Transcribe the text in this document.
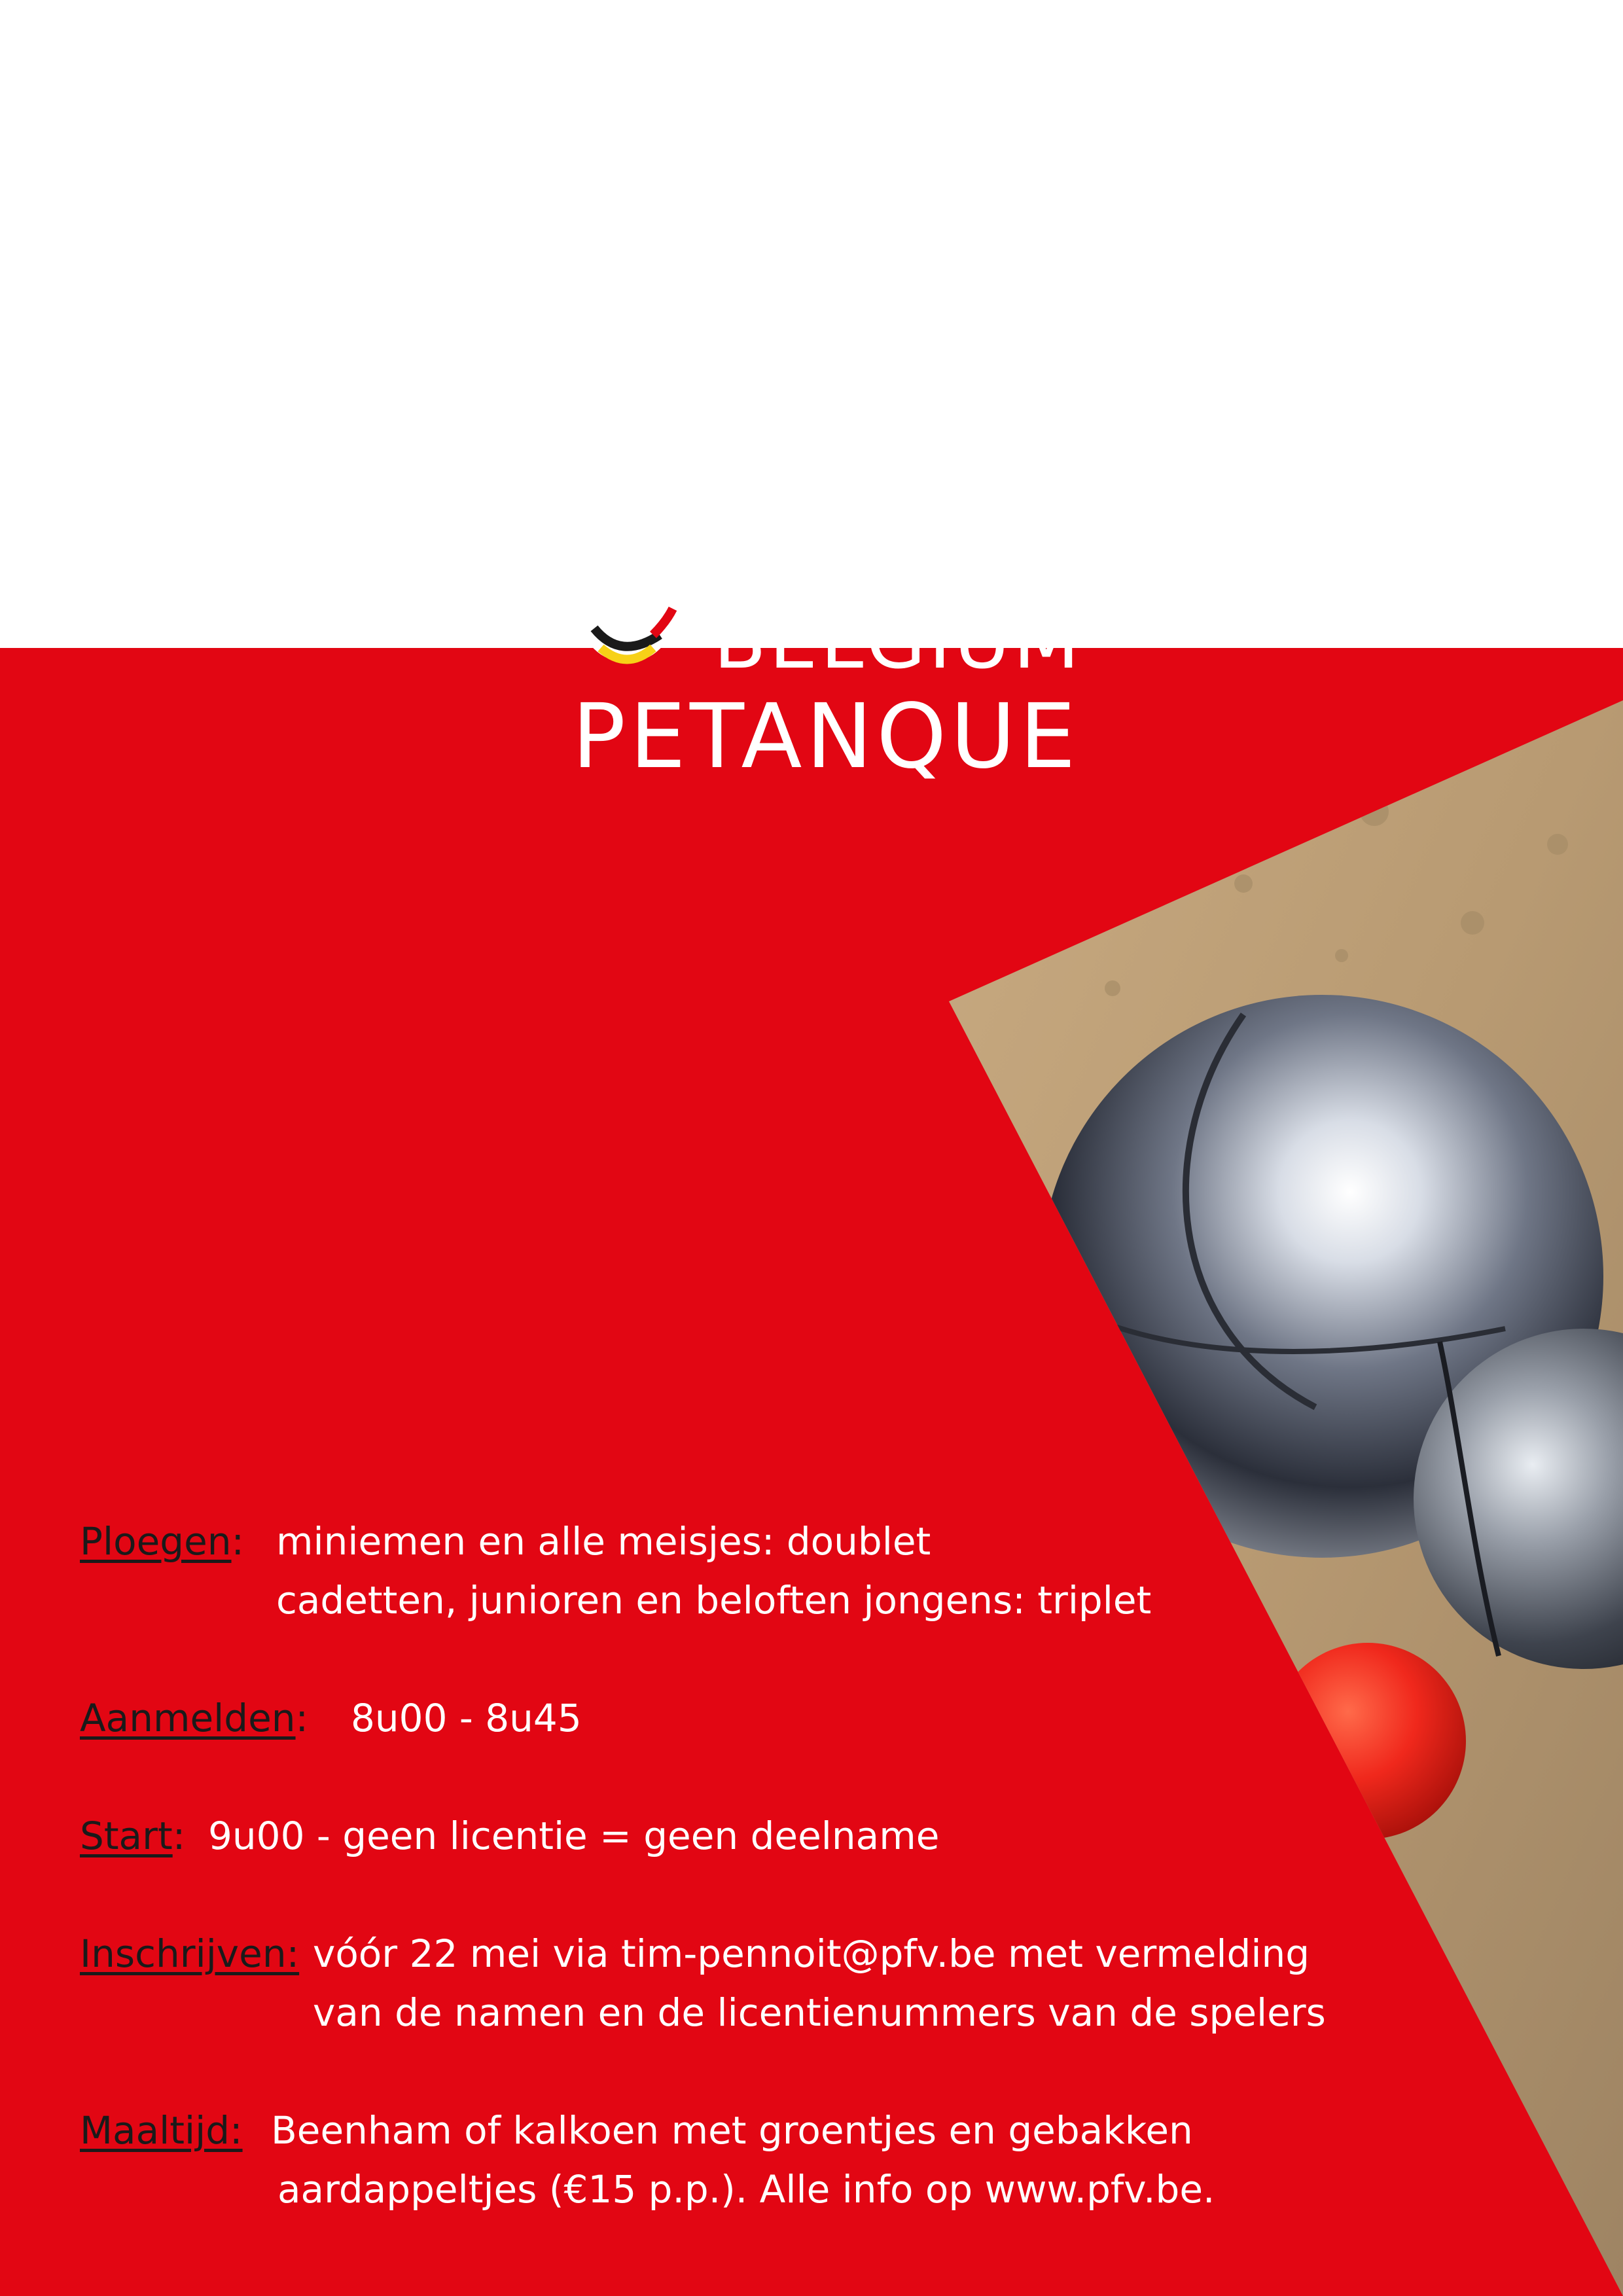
BELGIUM
PETANQUE
Ploegen: miniemen en alle meisjes: doublet
cadetten, junioren en beloften jongens: triplet
Aanmelden: 8u00 - 8u45
Start: 9u00 - geen licentie = geen deelname
Inschrijven: vóór 22 mei via tim-pennoit@pfv.be met vermelding
van de namen en de licentienummers van de spelers
Maaltijd: Beenham of kalkoen met groentjes en gebakken
aardappeltjes (€15 p.p.). Alle info op www.pfv.be.
